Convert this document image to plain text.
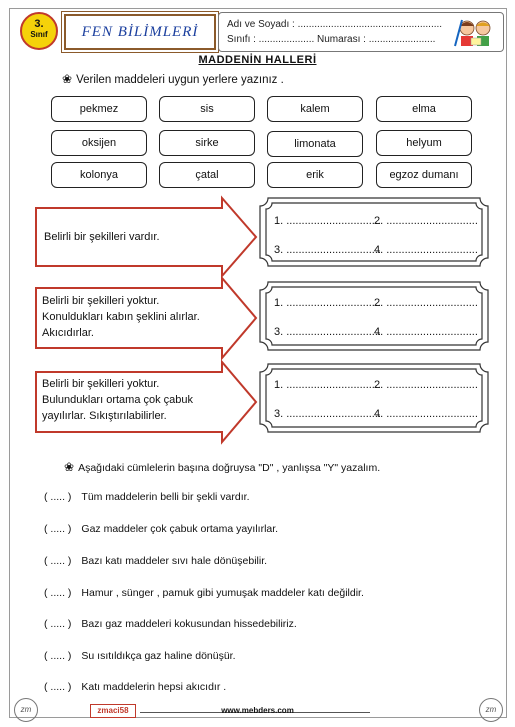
3.
Sınıf	FEN BİLİMLERİ	Adı ve Soyadı : ....................................................
Sınıfı : .................... Numarası : ........................
MADDENİN HALLERİ
❀ Verilen maddeleri uygun yerlere yazınız .
pekmez	sis	kalem	elma
oksijen	sirke	limonata	helyum
kolonya	çatal	erik	egzoz dumanı
Belirli bir şekilleri vardır.
Belirli bir şekilleri yoktur.
Konuldukları kabın şeklini alırlar.
Akıcıdırlar.
Belirli bir şekilleri yoktur.
Bulundukları ortama çok çabuk
yayılırlar. Sıkıştırılabilirler.
1. ...............................
2. ..............................
3. ...............................
4. ..............................
1. ...............................
2. ..............................
3. ...............................
4. ..............................
1. ...............................
2. ..............................
3. ...............................
4. ..............................
❀ Aşağıdaki cümlelerin başına doğruysa "D" , yanlışsa "Y" yazalım.
( ..... ) Tüm maddelerin belli bir şekli vardır.
( ..... ) Gaz maddeler çok çabuk ortama yayılırlar.
( ..... ) Bazı katı maddeler sıvı hale dönüşebilir.
( ..... ) Hamur , sünger , pamuk gibi yumuşak maddeler katı değildir.
( ..... ) Bazı gaz maddeleri kokusundan hissedebiliriz.
( ..... ) Su ısıtıldıkça gaz haline dönüşür.
( ..... ) Katı maddelerin hepsi akıcıdır .
zmaci58	www.mebders.com
zm	zm
